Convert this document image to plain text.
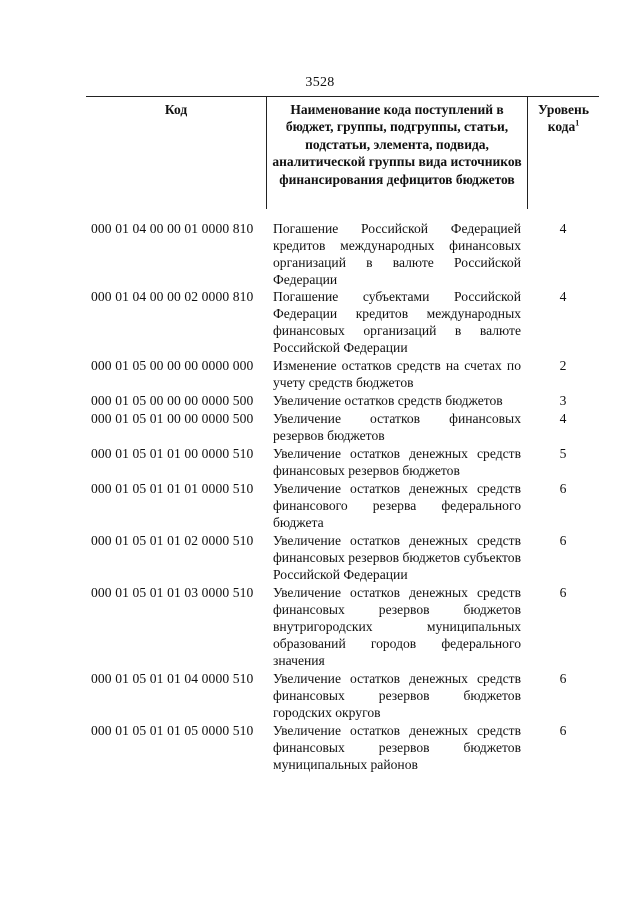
3528
Код	Наименование кода поступлений в бюджет, группы, подгруппы, статьи, подстатьи, элемента, подвида, аналитической группы вида источников финансирования дефицитов бюджетов
Уровень кода$^1$
000 01 04 00 00 01 0000 810 Погашение Российской Федерацией кредитов международных финансовых организаций в валюте Российской Федерации
4
000 01 04 00 00 02 0000 810 Погашение субъектами Российской Федерации кредитов международных финансовых организаций в валюте Российской Федерации
4
000 01 05 00 00 00 0000 000 Изменение остатков средств на счетах по учету средств бюджетов
2
000 01 05 00 00 00 0000 500 Увеличение остатков средств бюджетов	3
000 01 05 01 00 00 0000 500 Увеличение остатков финансовых резервов бюджетов
4
000 01 05 01 01 00 0000 510 Увеличение остатков денежных средств финансовых резервов бюджетов
5
000 01 05 01 01 01 0000 510 Увеличение остатков денежных средств финансового резерва федерального бюджета
6
000 01 05 01 01 02 0000 510 Увеличение остатков денежных средств финансовых резервов бюджетов субъектов Российской Федерации
6
000 01 05 01 01 03 0000 510 Увеличение остатков денежных средств финансовых резервов бюджетов внутригородских муниципальных образований городов федерального значения
6
000 01 05 01 01 04 0000 510 Увеличение остатков денежных средств финансовых резервов бюджетов городских округов
6
000 01 05 01 01 05 0000 510 Увеличение остатков денежных средств финансовых резервов бюджетов муниципальных районов
6
